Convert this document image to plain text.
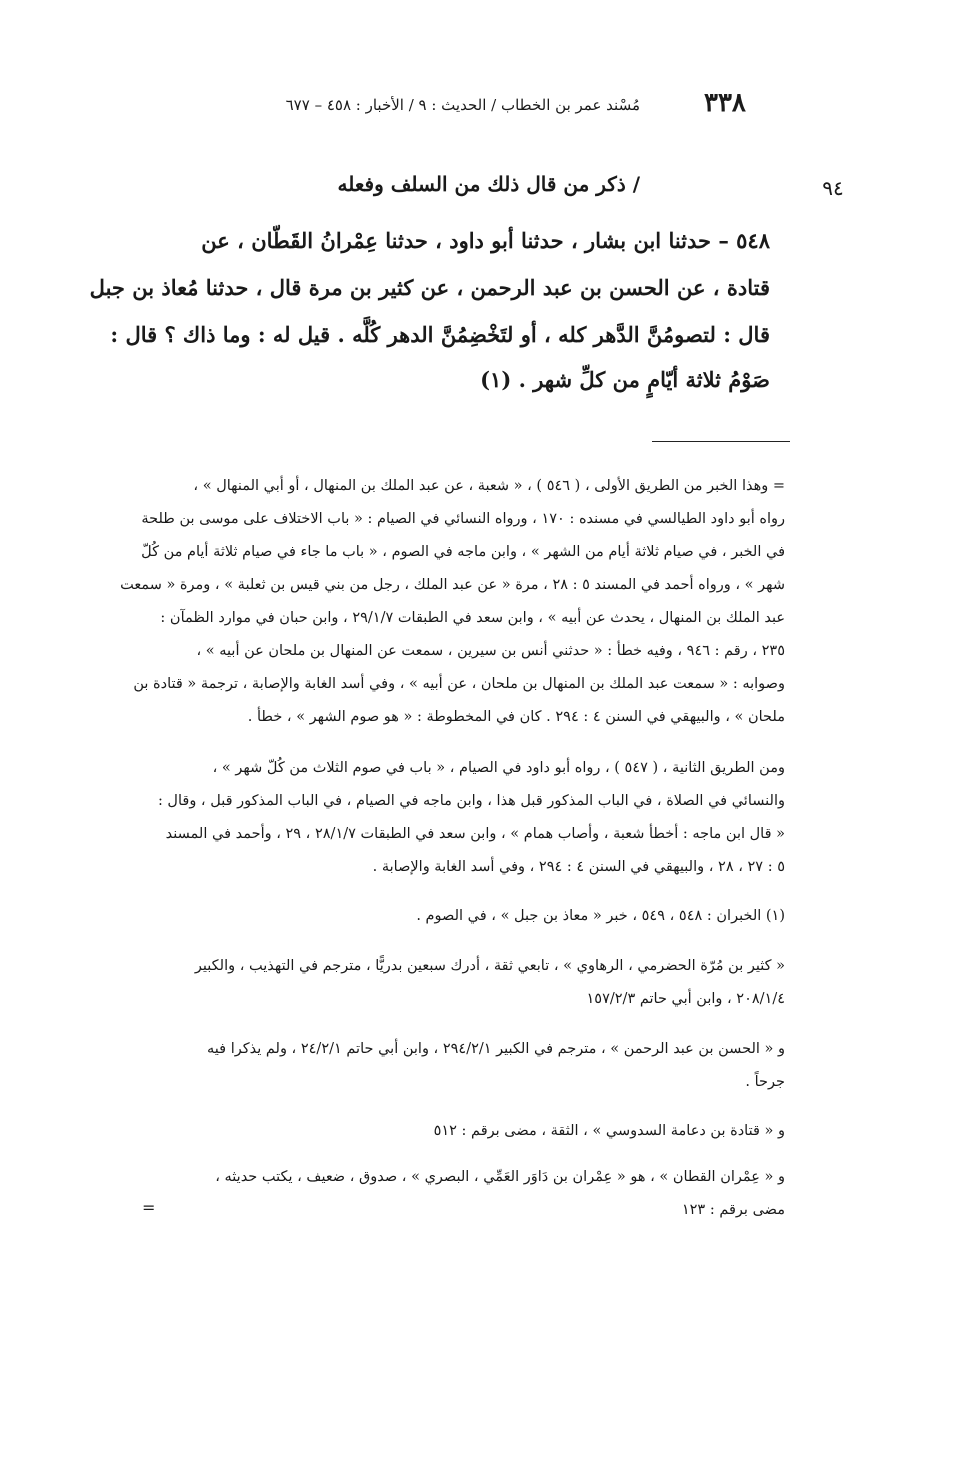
٣٣٨
مُسْند عمر بن الخطاب / الحديث : ٩ / الأخبار : ٤٥٨ – ٦٧٧
٩٤
/ ذكر من قال ذلك من السلف وفعله
٥٤٨ – حدثنا ابن بشار ، حدثنا أبو داود ، حدثنا عِمْرانُ القَطّان ، عن
قتادة ، عن الحسن بن عبد الرحمن ، عن كثير بن مرة قال ، حدثنا مُعاذ بن جبل
قال : لتصومُنَّ الدَّهر كله ، أو لتَخْضِمُنَّ الدهر كُلَّه . قيل له : وما ذاك ؟ قال :
صَوْمُ ثلاثة أيّامٍ من كلِّ شهر . (١)
= وهذا الخبر من الطريق الأولى ، ( ٥٤٦ ) ، « شعبة ، عن عبد الملك بن المنهال ، أو أبي المنهال » ،
رواه أبو داود الطيالسي في مسنده : ١٧٠ ، ورواه النسائي في الصيام : « باب الاختلاف على موسى بن طلحة
في الخبر ، في صيام ثلاثة أيام من الشهر » ، وابن ماجه في الصوم ، « باب ما جاء في صيام ثلاثة أيام من كُلّ
شهر » ، ورواه أحمد في المسند ٥ : ٢٨ ، مرة « عن عبد الملك ، رجل من بني قيس بن ثعلبة » ، ومرة « سمعت
عبد الملك بن المنهال ، يحدث عن أبيه » ، وابن سعد في الطبقات ٢٩/١/٧ ، وابن حبان في موارد الظمآن :
٢٣٥ ، رقم : ٩٤٦ ، وفيه خطأ : « حدثني أنس بن سيرين ، سمعت عن المنهال بن ملحان عن أبيه » ،
وصوابه : « سمعت عبد الملك بن المنهال بن ملحان ، عن أبيه » ، وفي أسد الغابة والإصابة ، ترجمة « قتادة بن
ملحان » ، والبيهقي في السنن ٤ : ٢٩٤ . كان في المخطوطة : « هو صوم الشهر » ، خطأ .
ومن الطريق الثانية ، ( ٥٤٧ ) ، رواه أبو داود في الصيام ، « باب في صوم الثلاث من كُلّ شهر » ،
والنسائي في الصلاة ، في الباب المذكور قبل هذا ، وابن ماجه في الصيام ، في الباب المذكور قبل ، وقال :
« قال ابن ماجه : أخطأ شعبة ، وأصاب همام » ، وابن سعد في الطبقات ٢٨/١/٧ ، ٢٩ ، وأحمد في المسند
٥ : ٢٧ ، ٢٨ ، والبيهقي في السنن ٤ : ٢٩٤ ، وفي أسد الغابة والإصابة .
(١) الخبران : ٥٤٨ ، ٥٤٩ ، خبر « معاذ بن جبل » ، في الصوم .
« كثير بن مُرّة الحضرمي ، الرهاوي » ، تابعي ثقة ، أدرك سبعين بدريًّا ، مترجم في التهذيب ، والكبير
٢٠٨/١/٤ ، وابن أبي حاتم ١٥٧/٢/٣
و « الحسن بن عبد الرحمن » ، مترجم في الكبير ٢٩٤/٢/١ ، وابن أبي حاتم ٢٤/٢/١ ، ولم يذكرا فيه
جرحاً .
و « قتادة بن دعامة السدوسي » ، الثقة ، مضى برقم : ٥١٢
و « عِمْران القطان » ، هو « عِمْران بن دَاوَر العَمِّي ، البصري » ، صدوق ، ضعيف ، يكتب حديثه ،
مضى برقم : ١٢٣
=
